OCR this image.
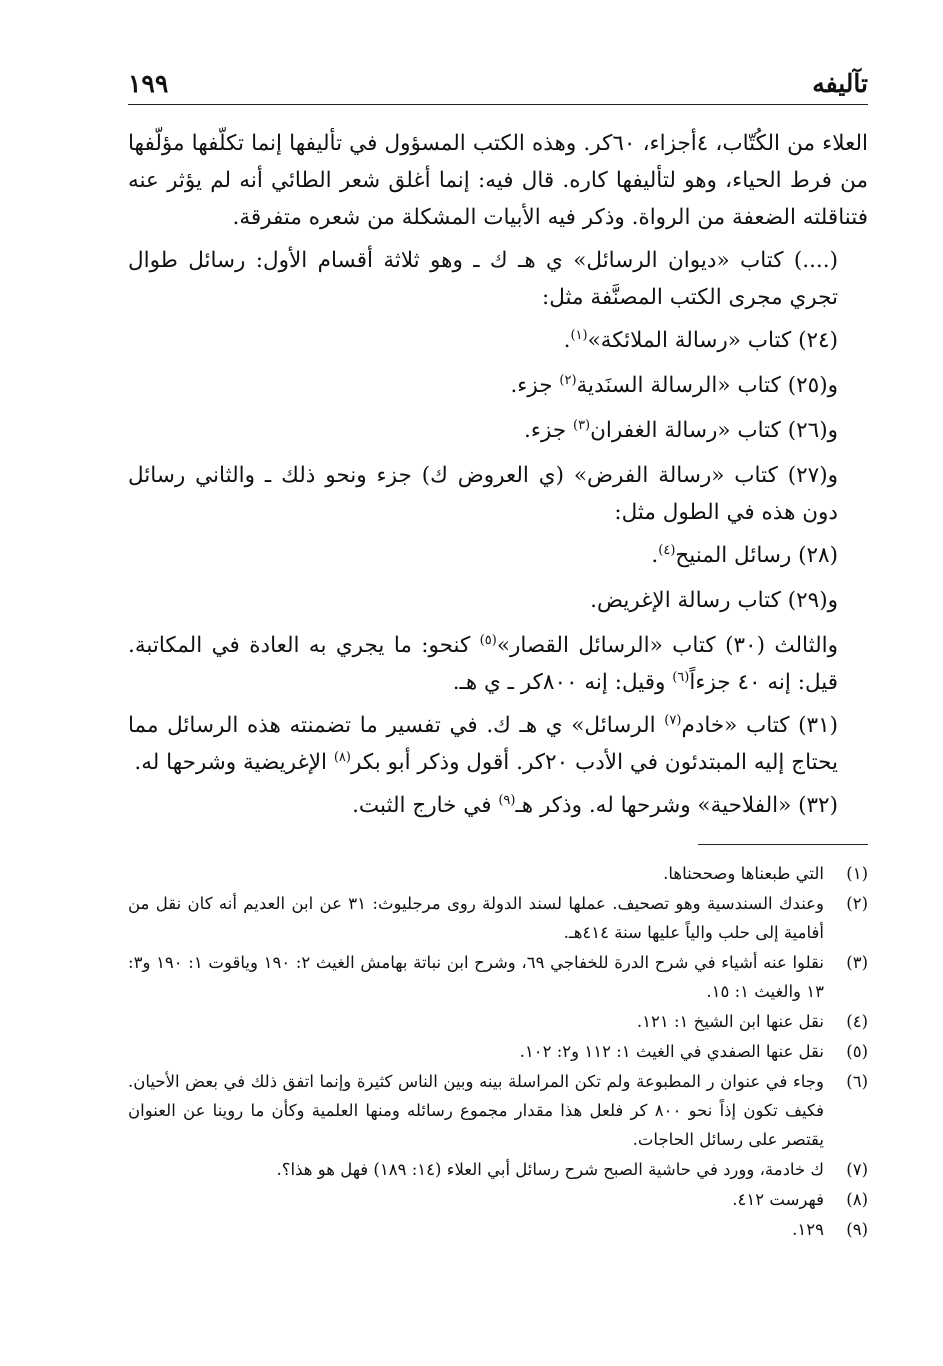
تآليفه
١٩٩

العلاء من الكُتّاب، ٤أجزاء، ٦٠كر. وهذه الكتب المسؤول في تأليفها إنما تكلّفها مؤلّفها من فرط الحياء، وهو لتأليفها كاره. قال فيه: إنما أغلق شعر الطائي أنه لم يؤثر عنه فتناقلته الضعفة من الرواة. وذكر فيه الأبيات المشكلة من شعره متفرقة.

(....) كتاب «ديوان الرسائل» ي هـ ك ـ وهو ثلاثة أقسام الأول: رسائل طوال تجري مجرى الكتب المصنَّفة مثل:

(٢٤) كتاب «رسالة الملائكة»$^{(١)}$.
و(٢٥) كتاب «الرسالة السنَدية$^{(٢)}$ جزء.
و(٢٦) كتاب «رسالة الغفران$^{(٣)}$ جزء.

و(٢٧) كتاب «رسالة الفرض» (ي العروض ك) جزء ونحو ذلك ـ والثاني رسائل دون هذه في الطول مثل:

(٢٨) رسائل المنيح$^{(٤)}$.
و(٢٩) كتاب رسالة الإغريض.

والثالث (٣٠) كتاب «الرسائل القصار»$^{(٥)}$ كنحو: ما يجري به العادة في المكاتبة. قيل: إنه ٤٠ جزءاً$^{(٦)}$ وقيل: إنه ٨٠٠كر ـ ي هـ.

(٣١) كتاب «خادم$^{(٧)}$ الرسائل» ي هـ ك. في تفسير ما تضمنته هذه الرسائل مما يحتاج إليه المبتدئون في الأدب ٢٠كر. أقول وذكر أبو بكر$^{(٨)}$ الإغريضية وشرحها له.

(٣٢) «الفلاحية» وشرحها له. وذكر هـ$^{(٩)}$ في خارج الثبت.

(١)
التي طبعناها وصححناها.
(٢)
وعندك السندسية وهو تصحيف. عملها لسند الدولة روى مرجليوث: ٣١ عن ابن العديم أنه كان نقل من أفامية إلى حلب والياً عليها سنة ٤١٤هـ.
(٣)
نقلوا عنه أشياء في شرح الدرة للخفاجي ٦٩، وشرح ابن نباتة بهامش الغيث ٢: ١٩٠ وياقوت ١: ١٩٠ و٣: ١٣ والغيث ١: ١٥.
(٤)
نقل عنها ابن الشيخ ١: ١٢١.
(٥)
نقل عنها الصفدي في الغيث ١: ١١٢ و٢: ١٠٢.
(٦)
وجاء في عنوان ر المطبوعة ولم تكن المراسلة بينه وبين الناس كثيرة وإنما اتفق ذلك في بعض الأحيان. فكيف تكون إذاً نحو ٨٠٠ كر فلعل هذا مقدار مجموع رسائله ومنها العلمية وكأن ما روينا عن العنوان يقتصر على رسائل الحاجات.
(٧)
ك خادمة، وورد في حاشية الصبح شرح رسائل أبي العلاء (١٤: ١٨٩) فهل هو هذا؟.
(٨)
فهرست ٤١٢.
(٩)
١٢٩.
